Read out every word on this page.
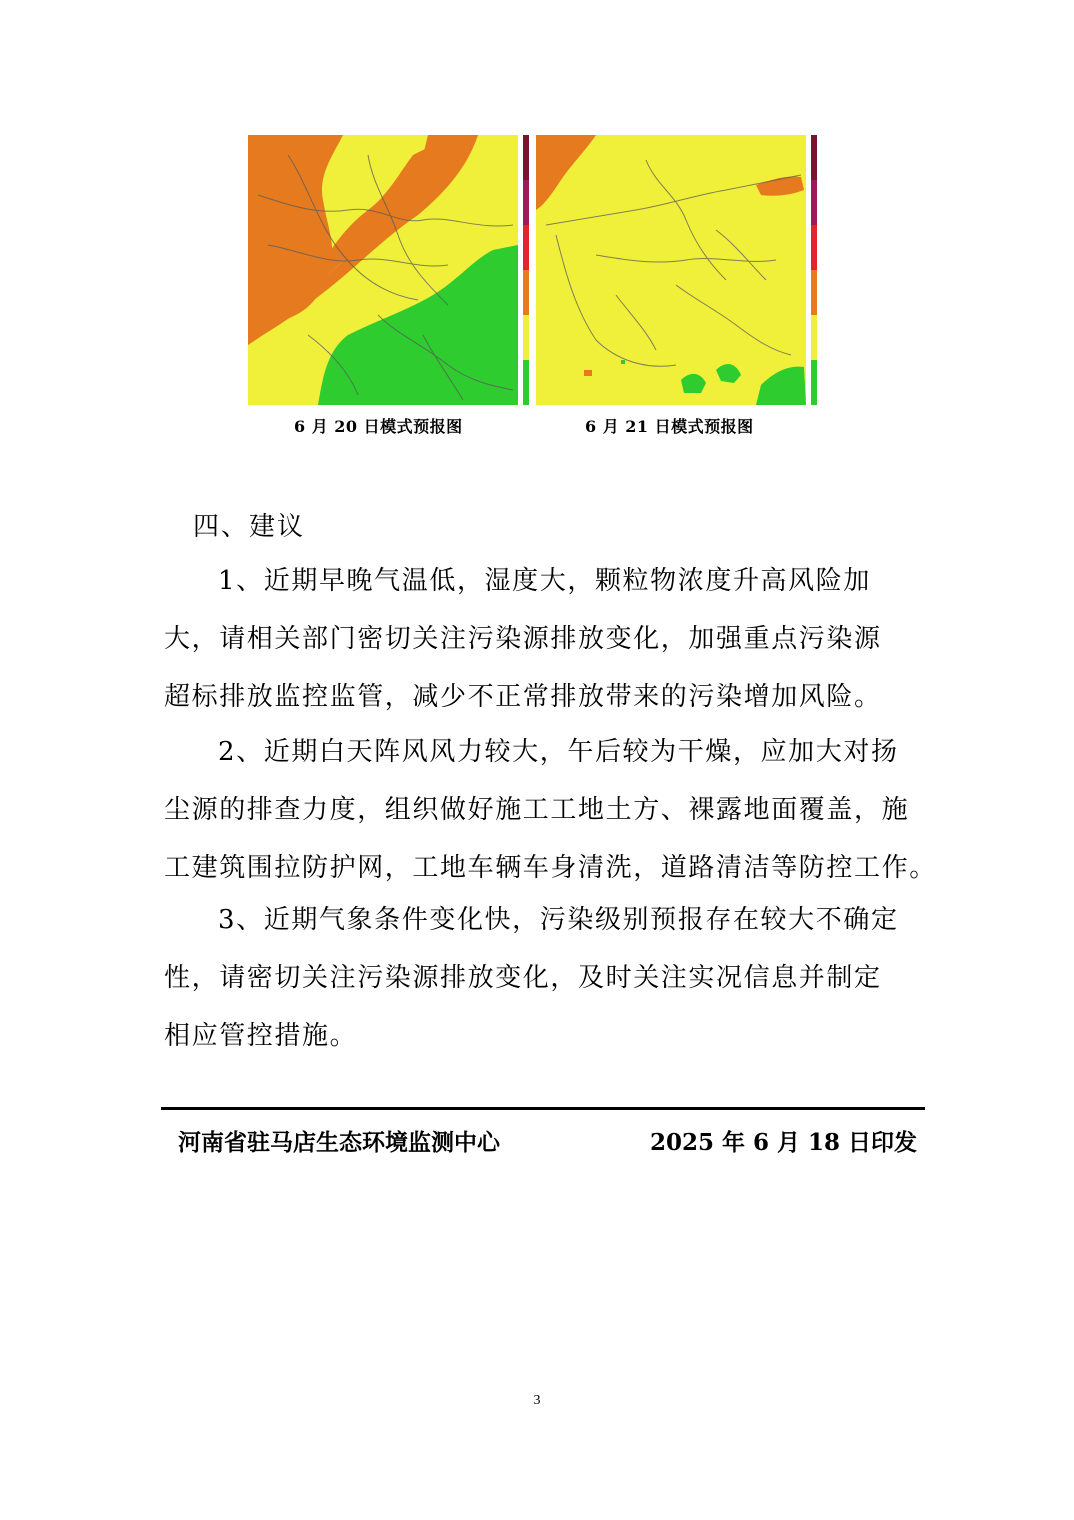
6 月 20 日模式预报图	6 月 21 日模式预报图
四、建议
1、近期早晚气温低，湿度大，颗粒物浓度升高风险加
大，请相关部门密切关注污染源排放变化，加强重点污染源
超标排放监控监管，减少不正常排放带来的污染增加风险。
2、近期白天阵风风力较大，午后较为干燥，应加大对扬
尘源的排查力度，组织做好施工工地土方、裸露地面覆盖，施
工建筑围拉防护网，工地车辆车身清洗，道路清洁等防控工作。
3、近期气象条件变化快，污染级别预报存在较大不确定
性，请密切关注污染源排放变化，及时关注实况信息并制定
相应管控措施。
河南省驻马店生态环境监测中心	2025 年 6 月 18 日印发
3
